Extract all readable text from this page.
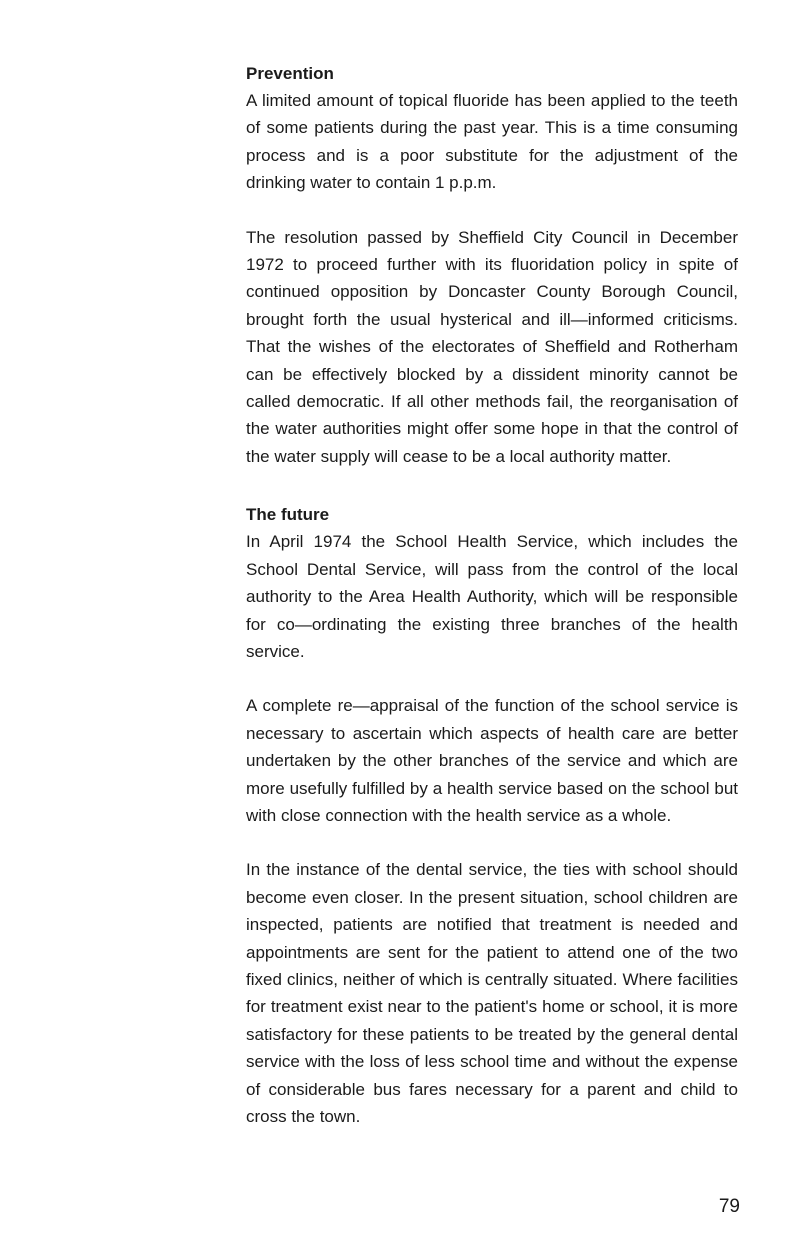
Prevention

A limited amount of topical fluoride has been applied to the teeth of some patients during the past year. This is a time consuming process and is a poor substitute for the adjustment of the drinking water to contain 1 p.p.m.

The resolution passed by Sheffield City Council in December 1972 to proceed further with its fluoridation policy in spite of continued opposition by Doncaster County Borough Council, brought forth the usual hysterical and ill—informed criticisms. That the wishes of the electorates of Sheffield and Rotherham can be effectively blocked by a dissident minority cannot be called democratic. If all other methods fail, the reorganisation of the water authorities might offer some hope in that the control of the water supply will cease to be a local authority matter.

The future

In April 1974 the School Health Service, which includes the School Dental Service, will pass from the control of the local authority to the Area Health Authority, which will be responsible for co—ordinating the existing three branches of the health service.

A complete re—appraisal of the function of the school service is necessary to ascertain which aspects of health care are better undertaken by the other branches of the service and which are more usefully fulfilled by a health service based on the school but with close connection with the health service as a whole.

In the instance of the dental service, the ties with school should become even closer. In the present situation, school children are inspected, patients are notified that treatment is needed and appointments are sent for the patient to attend one of the two fixed clinics, neither of which is centrally situated. Where facilities for treatment exist near to the patient's home or school, it is more satisfactory for these patients to be treated by the general dental service with the loss of less school time and without the expense of considerable bus fares necessary for a parent and child to cross the town.

79
